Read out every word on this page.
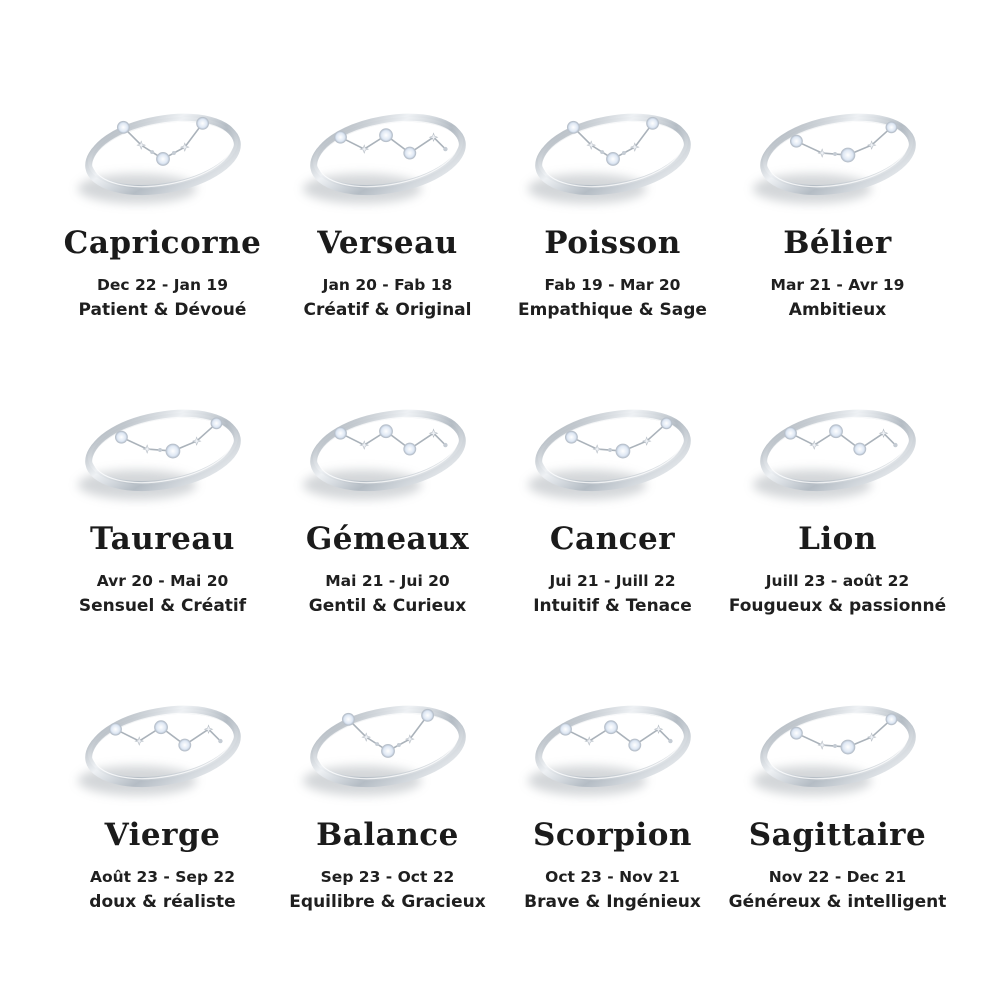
Capricorne
Dec 22 - Jan 19
Patient & Dévoué
Verseau
Jan 20 - Fab 18
Créatif & Original
Poisson
Fab 19 - Mar 20
Empathique & Sage
Bélier
Mar 21 - Avr 19
Ambitieux
Taureau
Avr 20 - Mai 20
Sensuel & Créatif
Gémeaux
Mai 21 - Jui 20
Gentil & Curieux
Cancer
Jui 21 - Juill 22
Intuitif & Tenace
Lion
Juill 23 - août 22
Fougueux & passionné
Vierge
Août 23 - Sep 22
doux & réaliste
Balance
Sep 23 - Oct 22
Equilibre & Gracieux
Scorpion
Oct 23 - Nov 21
Brave & Ingénieux
Sagittaire
Nov 22 - Dec 21
Généreux & intelligent
